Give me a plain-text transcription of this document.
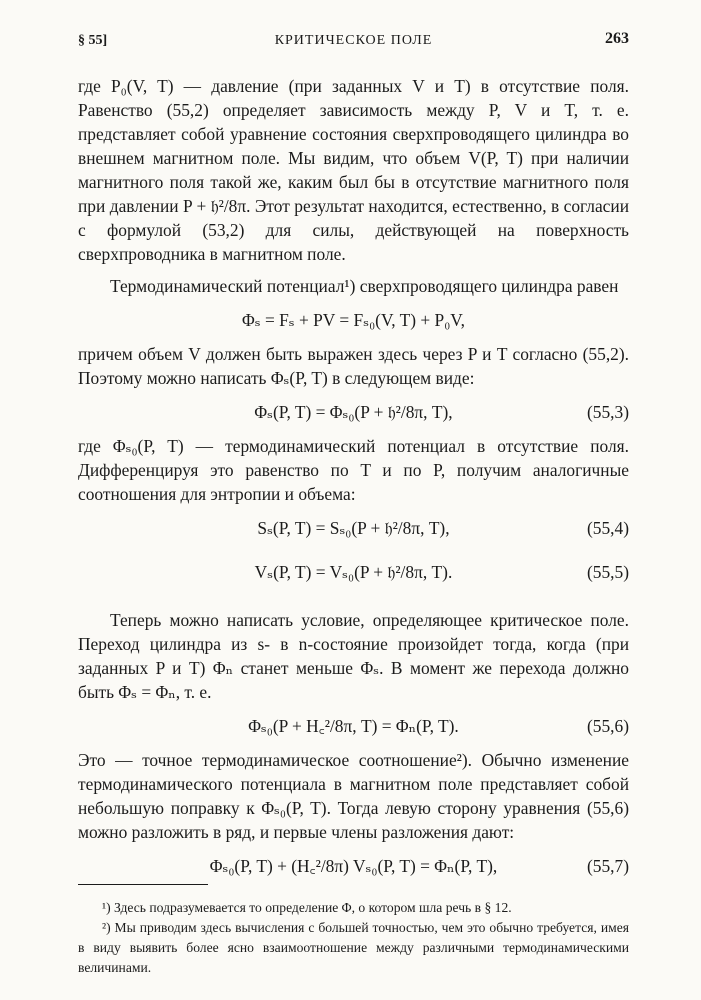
§ 55]	КРИТИЧЕСКОЕ ПОЛЕ	263

где P₀(V, T) — давление (при заданных V и T) в отсутствие поля. Равенство (55,2) определяет зависимость между P, V и T, т. е. представляет собой уравнение состояния сверхпроводящего цилиндра во внешнем магнитном поле. Мы видим, что объем V(P, T) при наличии магнитного поля такой же, каким был бы в отсутствие магнитного поля при давлении P + 𝔥²/8π. Этот результат находится, естественно, в согласии с формулой (53,2) для силы, действующей на поверхность сверхпроводника в магнитном поле.

Термодинамический потенциал¹) сверхпроводящего цилиндра равен

Φₛ = Fₛ + PV = Fₛ₀(V, T) + P₀V,

причем объем V должен быть выражен здесь через P и T согласно (55,2). Поэтому можно написать Φₛ(P, T) в следующем виде:

Φₛ(P, T) = Φₛ₀(P + 𝔥²/8π, T),	(55,3)

где Φₛ₀(P, T) — термодинамический потенциал в отсутствие поля. Дифференцируя это равенство по T и по P, получим аналогичные соотношения для энтропии и объема:

Sₛ(P, T) = Sₛ₀(P + 𝔥²/8π, T),	(55,4)
Vₛ(P, T) = Vₛ₀(P + 𝔥²/8π, T).	(55,5)

Теперь можно написать условие, определяющее критическое поле. Переход цилиндра из s- в n-состояние произойдет тогда, когда (при заданных P и T) Φₙ станет меньше Φₛ. В момент же перехода должно быть Φₛ = Φₙ, т. е.

Φₛ₀(P + H꜀²/8π, T) = Φₙ(P, T).	(55,6)

Это — точное термодинамическое соотношение²). Обычно изменение термодинамического потенциала в магнитном поле представляет собой небольшую поправку к Φₛ₀(P, T). Тогда левую сторону уравнения (55,6) можно разложить в ряд, и первые члены разложения дают:

Φₛ₀(P, T) + (H꜀²/8π) Vₛ₀(P, T) = Φₙ(P, T),	(55,7)

¹) Здесь подразумевается то определение Φ, о котором шла речь в § 12.

²) Мы приводим здесь вычисления с большей точностью, чем это обычно требуется, имея в виду выявить более ясно взаимоотношение между различными термодинамическими величинами.
